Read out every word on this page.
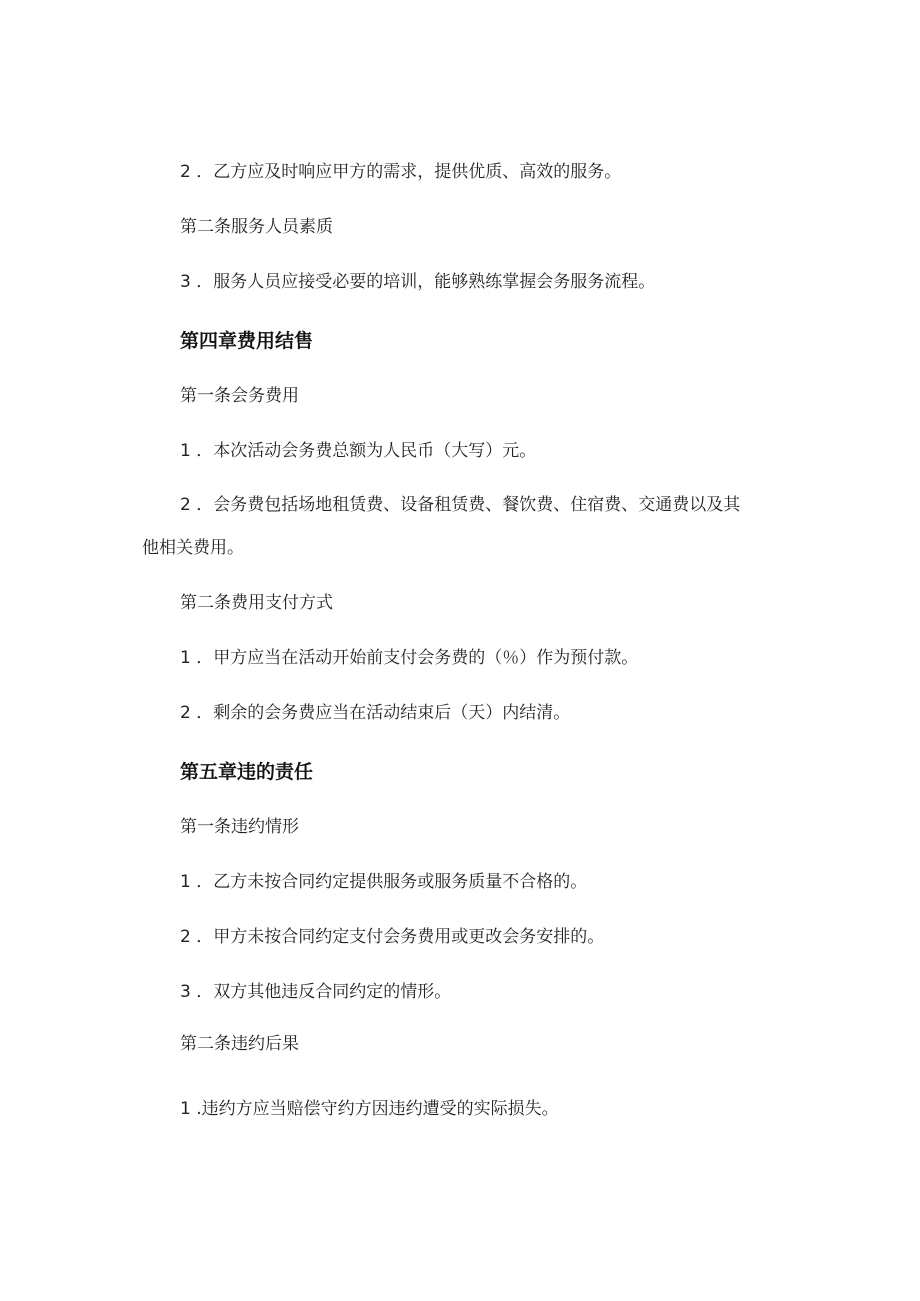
2 ．乙方应及时响应甲方的需求，提供优质、高效的服务。
第二条服务人员素质
3 ．服务人员应接受必要的培训，能够熟练掌握会务服务流程。
第四章费用结售
第一条会务费用
1 ．本次活动会务费总额为人民币（大写）元。
2 ．会务费包括场地租赁费、设备租赁费、餐饮费、住宿费、交通费以及其
他相关费用。
第二条费用支付方式
1 ．甲方应当在活动开始前支付会务费的（％）作为预付款。
2 ．剩余的会务费应当在活动结束后（天）内结清。
第五章违的责任
第一条违约情形
1 ．乙方未按合同约定提供服务或服务质量不合格的。
2 ．甲方未按合同约定支付会务费用或更改会务安排的。
3 ．双方其他违反合同约定的情形。
第二条违约后果
1 .违约方应当赔偿守约方因违约遭受的实际损失。
